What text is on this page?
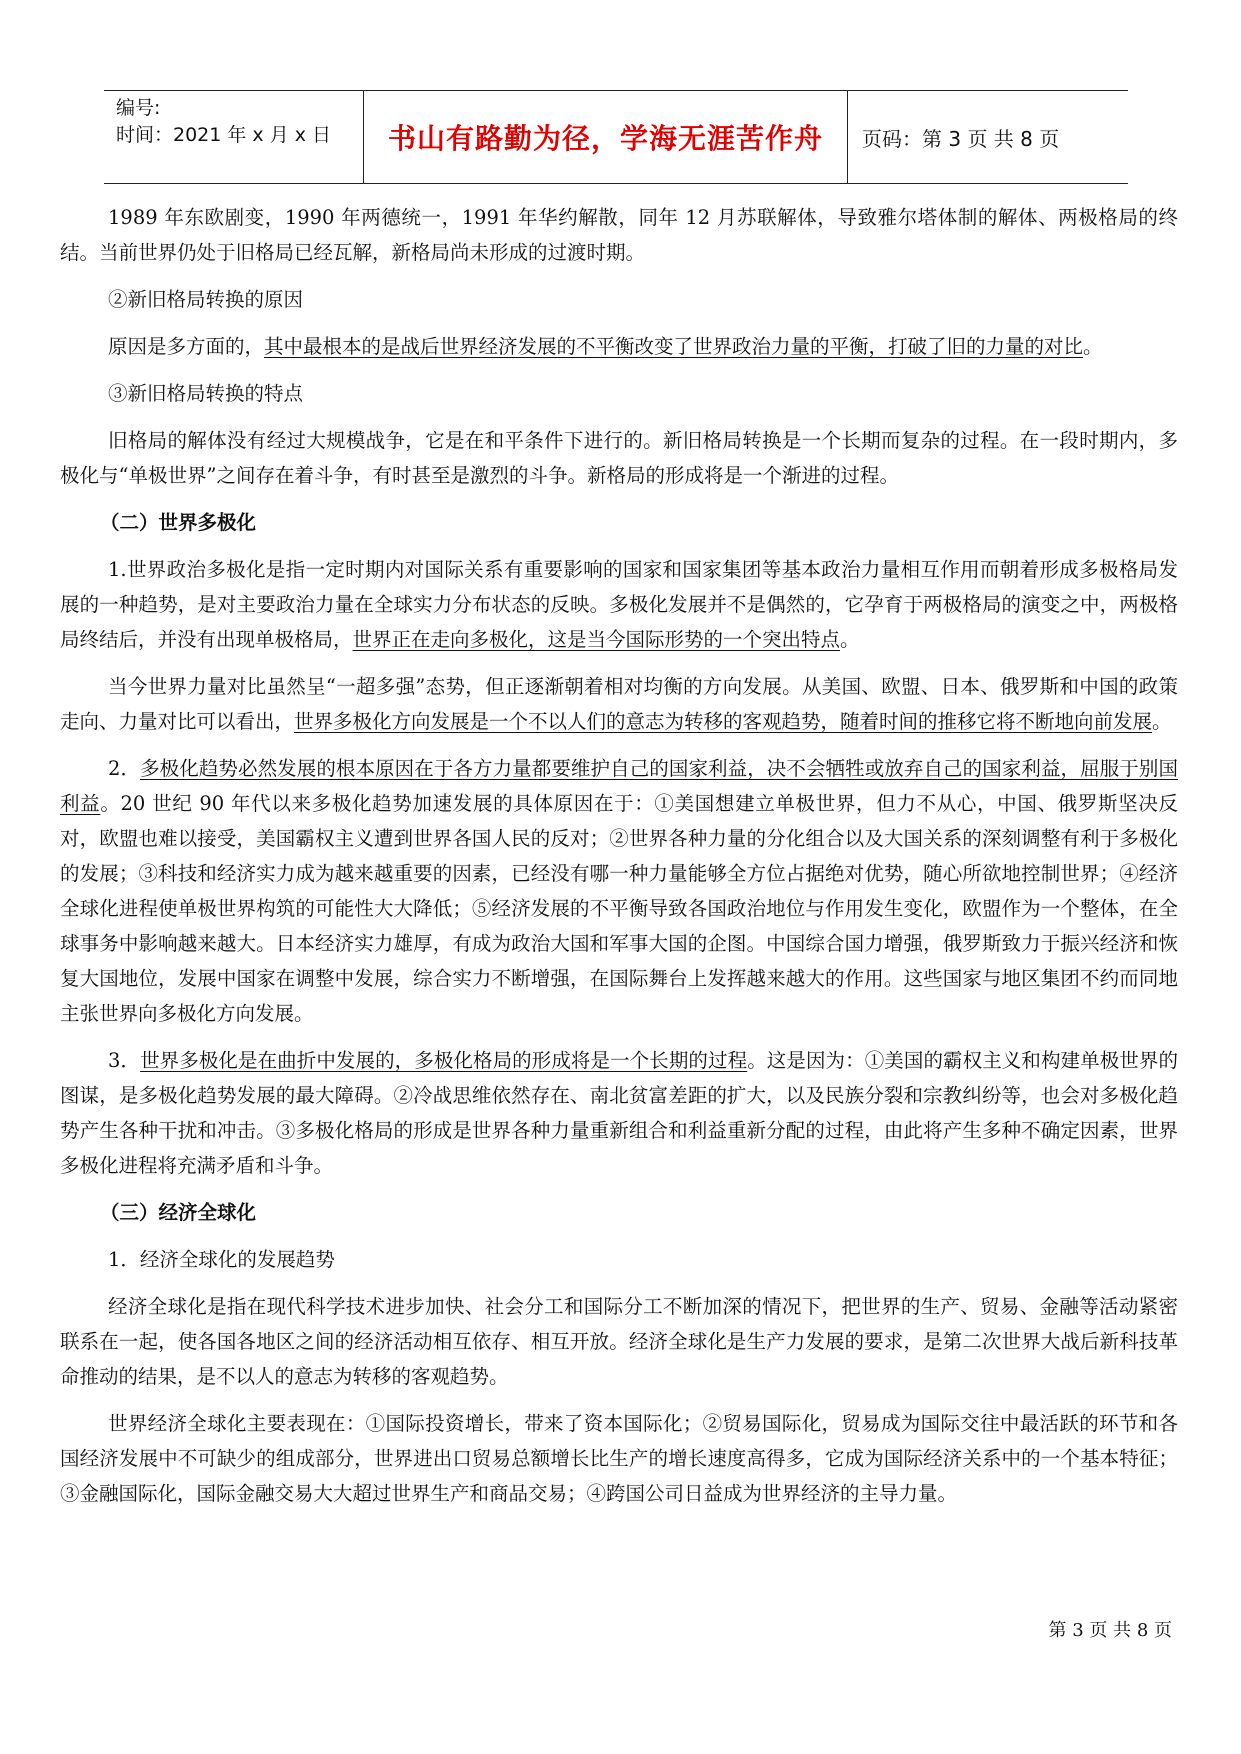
编号:
时间：2021 年 x 月 x 日	书山有路勤为径，学海无涯苦作舟	页码：第 3 页 共 8 页

1989 年东欧剧变，1990 年两德统一，1991 年华约解散，同年 12 月苏联解体，导致雅尔塔体制的解体、两极格局的终结。当前世界仍处于旧格局已经瓦解，新格局尚未形成的过渡时期。

②新旧格局转换的原因

原因是多方面的，其中最根本的是战后世界经济发展的不平衡改变了世界政治力量的平衡，打破了旧的力量的对比。

③新旧格局转换的特点

旧格局的解体没有经过大规模战争，它是在和平条件下进行的。新旧格局转换是一个长期而复杂的过程。在一段时期内，多极化与“单极世界”之间存在着斗争，有时甚至是激烈的斗争。新格局的形成将是一个渐进的过程。

（二）世界多极化

1.世界政治多极化是指一定时期内对国际关系有重要影响的国家和国家集团等基本政治力量相互作用而朝着形成多极格局发展的一种趋势，是对主要政治力量在全球实力分布状态的反映。多极化发展并不是偶然的，它孕育于两极格局的演变之中，两极格局终结后，并没有出现单极格局，世界正在走向多极化，这是当今国际形势的一个突出特点。

当今世界力量对比虽然呈“一超多强”态势，但正逐渐朝着相对均衡的方向发展。从美国、欧盟、日本、俄罗斯和中国的政策走向、力量对比可以看出，世界多极化方向发展是一个不以人们的意志为转移的客观趋势，随着时间的推移它将不断地向前发展。

2．多极化趋势必然发展的根本原因在于各方力量都要维护自己的国家利益，决不会牺牲或放弃自己的国家利益，屈服于别国利益。20 世纪 90 年代以来多极化趋势加速发展的具体原因在于：①美国想建立单极世界，但力不从心，中国、俄罗斯坚决反对，欧盟也难以接受，美国霸权主义遭到世界各国人民的反对；②世界各种力量的分化组合以及大国关系的深刻调整有利于多极化的发展；③科技和经济实力成为越来越重要的因素，已经没有哪一种力量能够全方位占据绝对优势，随心所欲地控制世界；④经济全球化进程使单极世界构筑的可能性大大降低；⑤经济发展的不平衡导致各国政治地位与作用发生变化，欧盟作为一个整体，在全球事务中影响越来越大。日本经济实力雄厚，有成为政治大国和军事大国的企图。中国综合国力增强，俄罗斯致力于振兴经济和恢复大国地位，发展中国家在调整中发展，综合实力不断增强，在国际舞台上发挥越来越大的作用。这些国家与地区集团不约而同地主张世界向多极化方向发展。

3．世界多极化是在曲折中发展的，多极化格局的形成将是一个长期的过程。这是因为：①美国的霸权主义和构建单极世界的图谋，是多极化趋势发展的最大障碍。②冷战思维依然存在、南北贫富差距的扩大，以及民族分裂和宗教纠纷等，也会对多极化趋势产生各种干扰和冲击。③多极化格局的形成是世界各种力量重新组合和利益重新分配的过程，由此将产生多种不确定因素，世界多极化进程将充满矛盾和斗争。

（三）经济全球化

1．经济全球化的发展趋势

经济全球化是指在现代科学技术进步加快、社会分工和国际分工不断加深的情况下，把世界的生产、贸易、金融等活动紧密联系在一起，使各国各地区之间的经济活动相互依存、相互开放。经济全球化是生产力发展的要求，是第二次世界大战后新科技革命推动的结果，是不以人的意志为转移的客观趋势。

世界经济全球化主要表现在：①国际投资增长，带来了资本国际化；②贸易国际化，贸易成为国际交往中最活跃的环节和各国经济发展中不可缺少的组成部分，世界进出口贸易总额增长比生产的增长速度高得多，它成为国际经济关系中的一个基本特征；③金融国际化，国际金融交易大大超过世界生产和商品交易；④跨国公司日益成为世界经济的主导力量。

第 3 页 共 8 页
